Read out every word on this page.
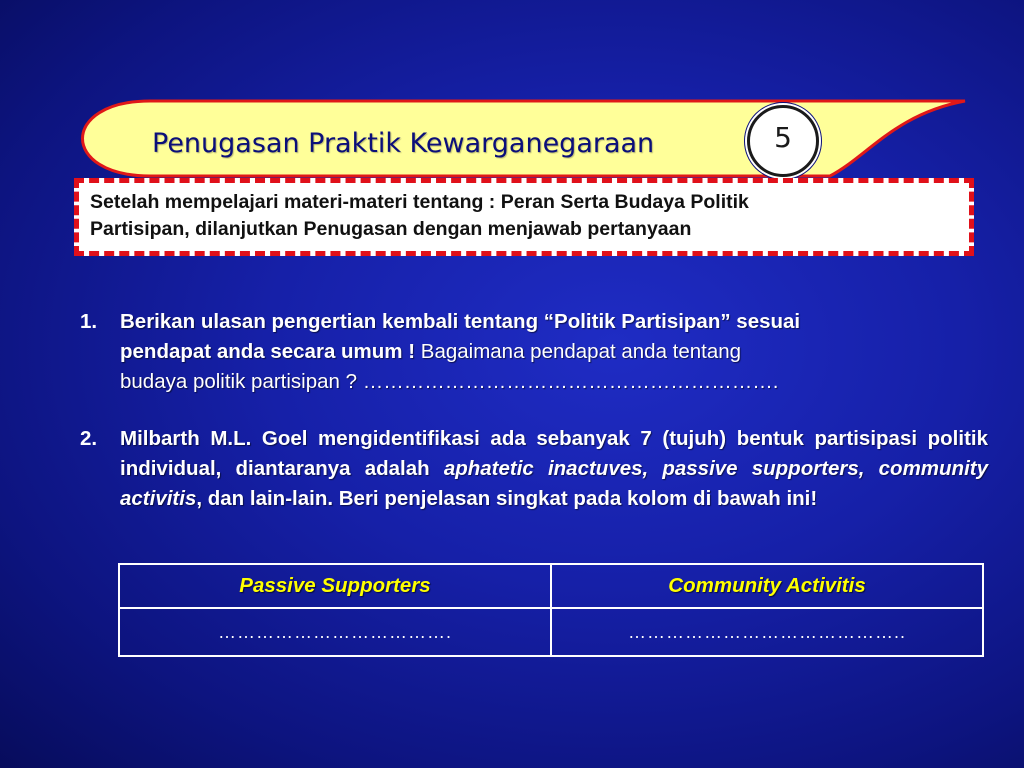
Penugasan Praktik Kewarganegaraan	5
Setelah mempelajari materi-materi tentang : Peran Serta Budaya Politik
Partisipan, dilanjutkan Penugasan dengan menjawab pertanyaan
1. Berikan ulasan pengertian kembali tentang “Politik Partisipan” sesuai
pendapat anda secara umum ! Bagaimana pendapat anda tentang
budaya politik partisipan ? …………………………………………………….
2. Milbarth M.L. Goel mengidentifikasi ada sebanyak 7 (tujuh) bentuk partisipasi politik individual, diantaranya adalah aphatetic inactuves, passive supporters, community activitis, dan lain-lain. Beri penjelasan singkat pada kolom di bawah ini!
Passive Supporters	Community Activitis
……………………………….	……………………………………..
